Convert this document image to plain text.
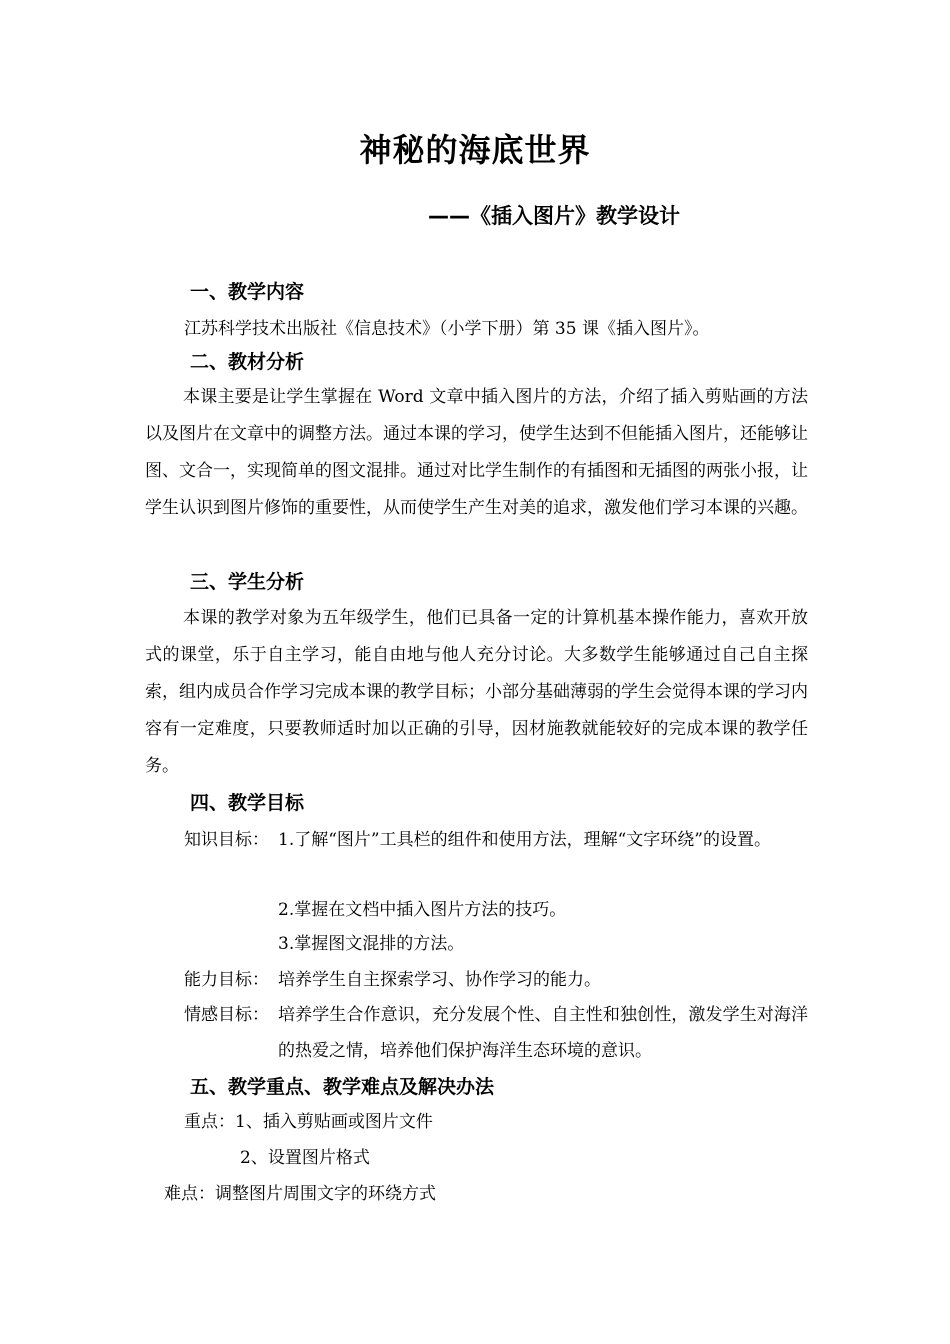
神秘的海底世界
——《插入图片》教学设计
一、教学内容
江苏科学技术出版社《信息技术》（小学下册）第 35 课《插入图片》。
二、教材分析
本课主要是让学生掌握在 Word 文章中插入图片的方法，介绍了插入剪贴画的方法以及图片在文章中的调整方法。通过本课的学习，使学生达到不但能插入图片，还能够让图、文合一，实现简单的图文混排。通过对比学生制作的有插图和无插图的两张小报，让学生认识到图片修饰的重要性，从而使学生产生对美的追求，激发他们学习本课的兴趣。
三、学生分析
本课的教学对象为五年级学生，他们已具备一定的计算机基本操作能力，喜欢开放式的课堂，乐于自主学习，能自由地与他人充分讨论。大多数学生能够通过自己自主探索，组内成员合作学习完成本课的教学目标；小部分基础薄弱的学生会觉得本课的学习内容有一定难度，只要教师适时加以正确的引导，因材施教就能较好的完成本课的教学任务。
四、教学目标
知识目标： 1.了解“图片”工具栏的组件和使用方法，理解“文字环绕”的设置。
2.掌握在文档中插入图片方法的技巧。
3.掌握图文混排的方法。
能力目标： 培养学生自主探索学习、协作学习的能力。
情感目标： 培养学生合作意识，充分发展个性、自主性和独创性，激发学生对海洋的热爱之情，培养他们保护海洋生态环境的意识。
五、教学重点、教学难点及解决办法
重点：1、插入剪贴画或图片文件
2、设置图片格式
难点：调整图片周围文字的环绕方式
